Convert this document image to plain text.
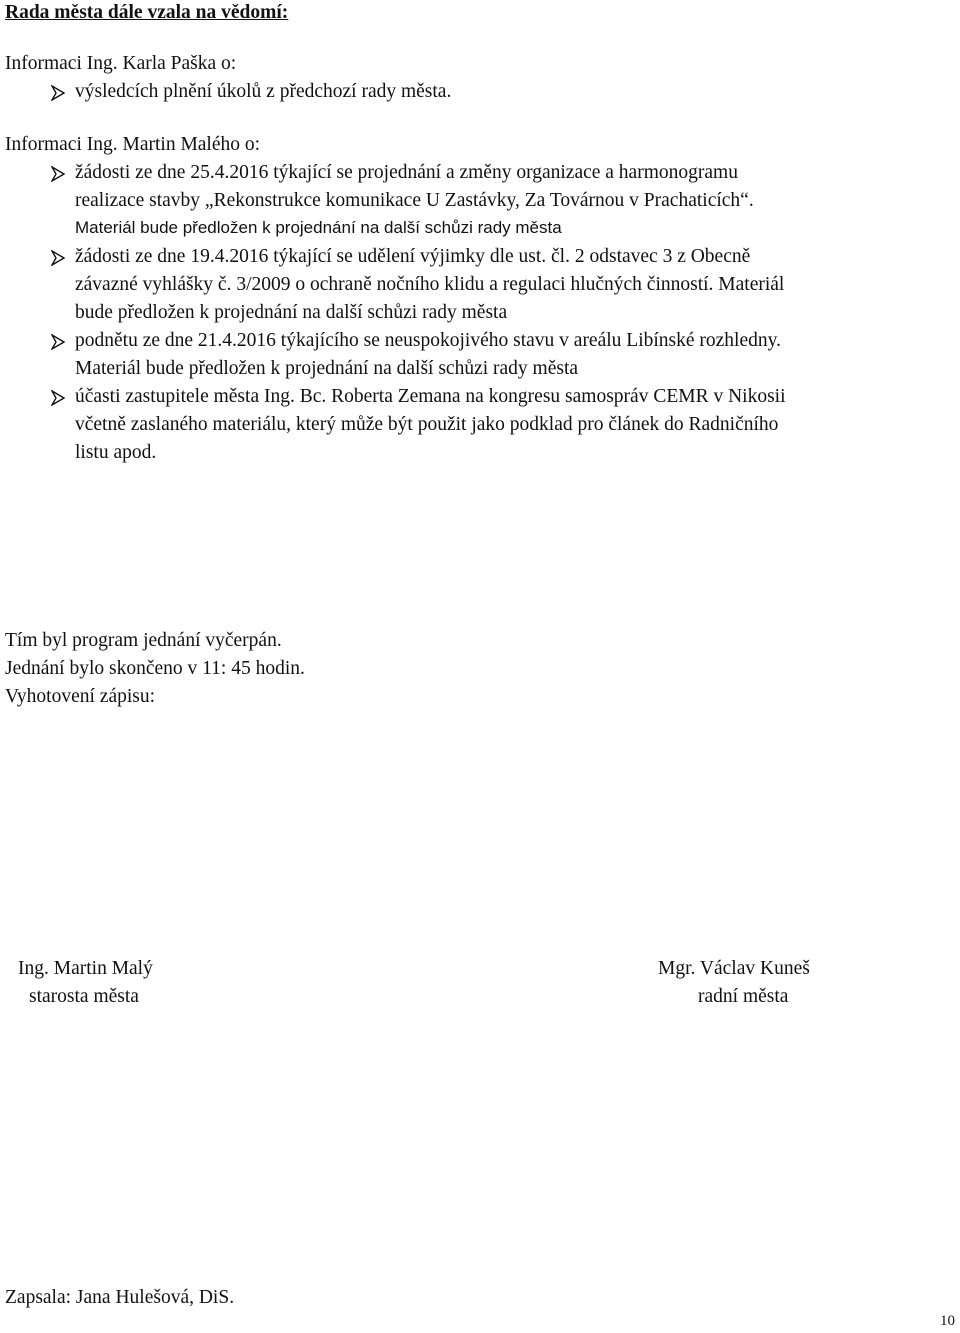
Rada města dále vzala na vědomí:
Informaci Ing. Karla Paška o:
výsledcích plnění úkolů z předchozí rady města.
Informaci Ing. Martin Malého o:
žádosti ze dne 25.4.2016 týkající se projednání a změny organizace a harmonogramu
realizace stavby „Rekonstrukce komunikace U Zastávky, Za Továrnou v Prachaticích“.
Materiál bude předložen k projednání na další schůzi rady města
žádosti ze dne 19.4.2016 týkající se udělení výjimky dle ust. čl. 2 odstavec 3 z Obecně
závazné vyhlášky č. 3/2009 o ochraně nočního klidu a regulaci hlučných činností. Materiál
bude předložen k projednání na další schůzi rady města
podnětu ze dne 21.4.2016 týkajícího se neuspokojivého stavu v areálu Libínské rozhledny.
Materiál bude předložen k projednání na další schůzi rady města
účasti zastupitele města Ing. Bc. Roberta Zemana na kongresu samospráv CEMR v Nikosii
včetně zaslaného materiálu, který může být použit jako podklad pro článek do Radničního
listu apod.
Tím byl program jednání vyčerpán.
Jednání bylo skončeno v 11: 45 hodin.
Vyhotovení zápisu:
Ing. Martin Malý
starosta města
Mgr. Václav Kuneš
radní města
Zapsala: Jana Hulešová, DiS.
10
